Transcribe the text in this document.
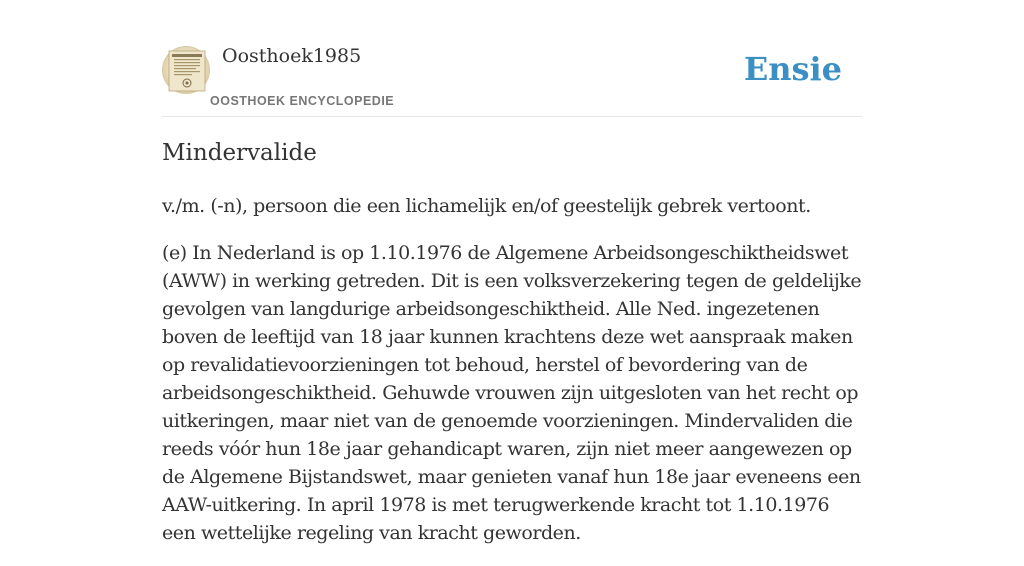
Oosthoek1985
OOSTHOEK ENCYCLOPEDIE
Ensie
Mindervalide

v./m. (-n), persoon die een lichamelijk en/of geestelijk gebrek vertoont.

(e) In Nederland is op 1.10.1976 de Algemene Arbeidsongeschiktheidswet (AWW) in werking getreden. Dit is een volksverzekering tegen de geldelijke gevolgen van langdurige arbeidsongeschiktheid. Alle Ned. ingezetenen boven de leeftijd van 18 jaar kunnen krachtens deze wet aanspraak maken op revalidatievoorzieningen tot behoud, herstel of bevordering van de arbeidsongeschiktheid. Gehuwde vrouwen zijn uitgesloten van het recht op uitkeringen, maar niet van de genoemde voorzieningen. Mindervaliden die reeds vóór hun 18e jaar gehandicapt waren, zijn niet meer aangewezen op de Algemene Bijstandswet, maar genieten vanaf hun 18e jaar eveneens een AAW-uitkering. In april 1978 is met terugwerkende kracht tot 1.10.1976 een wettelijke regeling van kracht geworden.
